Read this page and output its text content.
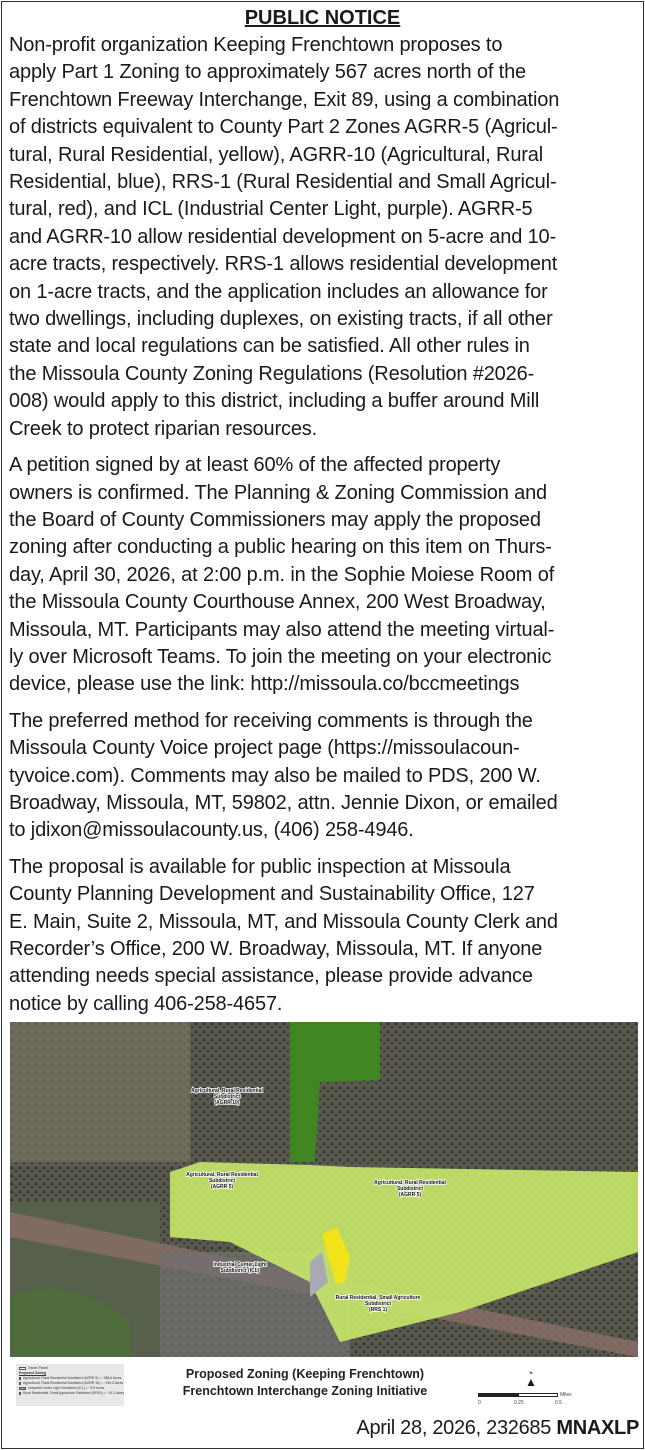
PUBLIC NOTICE
Non-profit organization Keeping Frenchtown proposes to
apply Part 1 Zoning to approximately 567 acres north of the
Frenchtown Freeway Interchange, Exit 89, using a combination
of districts equivalent to County Part 2 Zones AGRR-5 (Agricul-
tural, Rural Residential, yellow), AGRR-10 (Agricultural, Rural
Residential, blue), RRS-1 (Rural Residential and Small Agricul-
tural, red), and ICL (Industrial Center Light, purple). AGRR-5
and AGRR-10 allow residential development on 5-acre and 10-
acre tracts, respectively. RRS-1 allows residential development
on 1-acre tracts, and the application includes an allowance for
two dwellings, including duplexes, on existing tracts, if all other
state and local regulations can be satisfied. All other rules in
the Missoula County Zoning Regulations (Resolution #2026-
008) would apply to this district, including a buffer around Mill
Creek to protect riparian resources.
A petition signed by at least 60% of the affected property
owners is confirmed. The Planning & Zoning Commission and
the Board of County Commissioners may apply the proposed
zoning after conducting a public hearing on this item on Thurs-
day, April 30, 2026, at 2:00 p.m. in the Sophie Moiese Room of
the Missoula County Courthouse Annex, 200 West Broadway,
Missoula, MT. Participants may also attend the meeting virtual-
ly over Microsoft Teams. To join the meeting on your electronic
device, please use the link: http://missoula.co/bccmeetings
The preferred method for receiving comments is through the
Missoula County Voice project page (https://missoulacoun-
tyvoice.com). Comments may also be mailed to PDS, 200 W.
Broadway, Missoula, MT, 59802, attn. Jennie Dixon, or emailed
to jdixon@missoulacounty.us, (406) 258-4946.
The proposal is available for public inspection at Missoula
County Planning Development and Sustainability Office, 127
E. Main, Suite 2, Missoula, MT, and Missoula County Clerk and
Recorder’s Office, 200 W. Broadway, Missoula, MT. If anyone
attending needs special assistance, please provide advance
notice by calling 406-258-4657.
Agricultural, Rural Residential
Subdistrict
(AGRR 10)
Agricultural, Rural Residential
Subdistrict
(AGRR 5)
Agricultural, Rural Residential
Subdistrict
(AGRR 5)
Industrial Center Light
Subdistrict (ICL)
Rural Residential, Small Agriculture
Subdistrict
(RRS 1)
Owner Parcel
Proposed Zoning
Agricultural, Rural Residential Subdistrict (AGRR 5) = ~386.6 Acres
Agricultural, Rural Residential Subdistrict (AGRR 10) = ~154.2 Acres
Industrial Center Light Subdistrict (ICL) = ~6.9 Acres
Rural Residential, Small Agriculture Subdistrict (RRS1) = ~14.2 Acres
Proposed Zoning (Keeping Frenchtown)
Frenchtown Interchange Zoning Initiative
N
▲
0	0.25	0.5
Miles
April 28, 2026, 232685 MNAXLP
